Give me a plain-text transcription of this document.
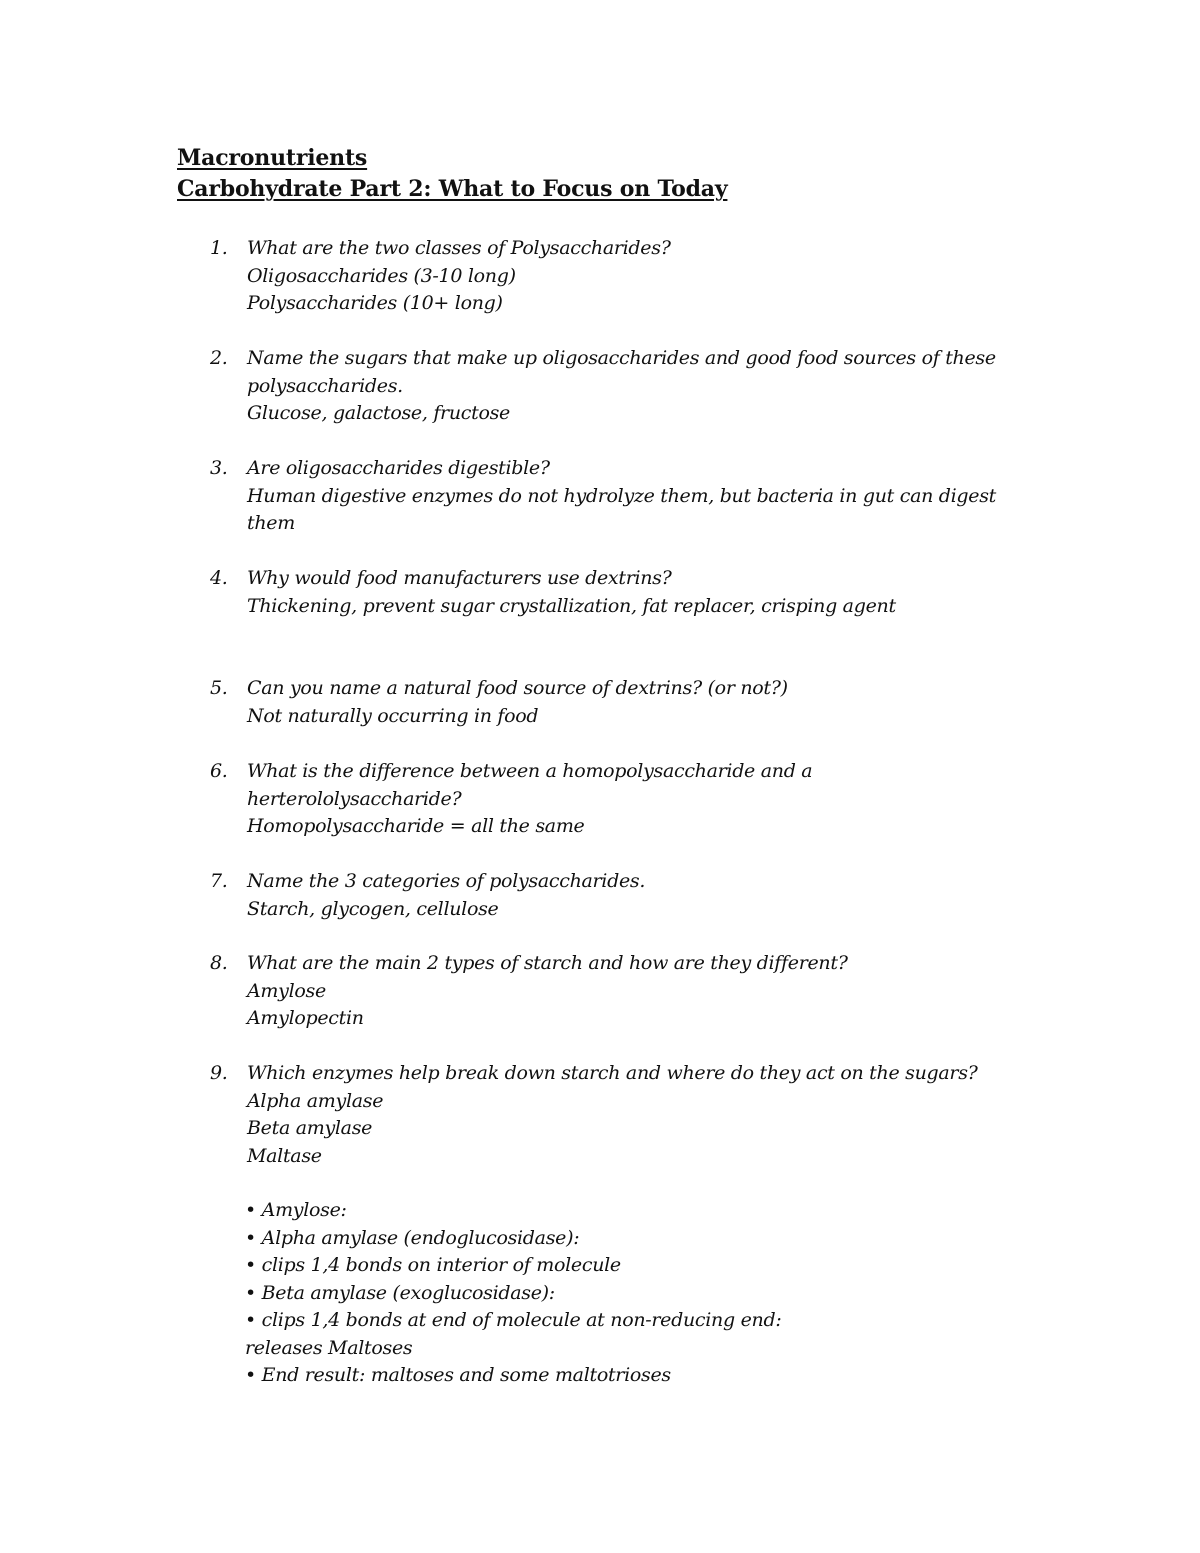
Macronutrients
Carbohydrate Part 2: What to Focus on Today
1. What are the two classes of Polysaccharides?
Oligosaccharides (3-10 long)
Polysaccharides (10+ long)
2. Name the sugars that make up oligosaccharides and good food sources of these
polysaccharides.
Glucose, galactose, fructose
3. Are oligosaccharides digestible?
Human digestive enzymes do not hydrolyze them, but bacteria in gut can digest
them
4. Why would food manufacturers use dextrins?
Thickening, prevent sugar crystallization, fat replacer, crisping agent
5. Can you name a natural food source of dextrins? (or not?)
Not naturally occurring in food
6. What is the difference between a homopolysaccharide and a
herterololysaccharide?
Homopolysaccharide = all the same
7. Name the 3 categories of polysaccharides.
Starch, glycogen, cellulose
8. What are the main 2 types of starch and how are they different?
Amylose
Amylopectin
9. Which enzymes help break down starch and where do they act on the sugars?
Alpha amylase
Beta amylase
Maltase
• Amylose:
• Alpha amylase (endoglucosidase):
• clips 1,4 bonds on interior of molecule
• Beta amylase (exoglucosidase):
• clips 1,4 bonds at end of molecule at non-reducing end:
releases Maltoses
• End result: maltoses and some maltotrioses
